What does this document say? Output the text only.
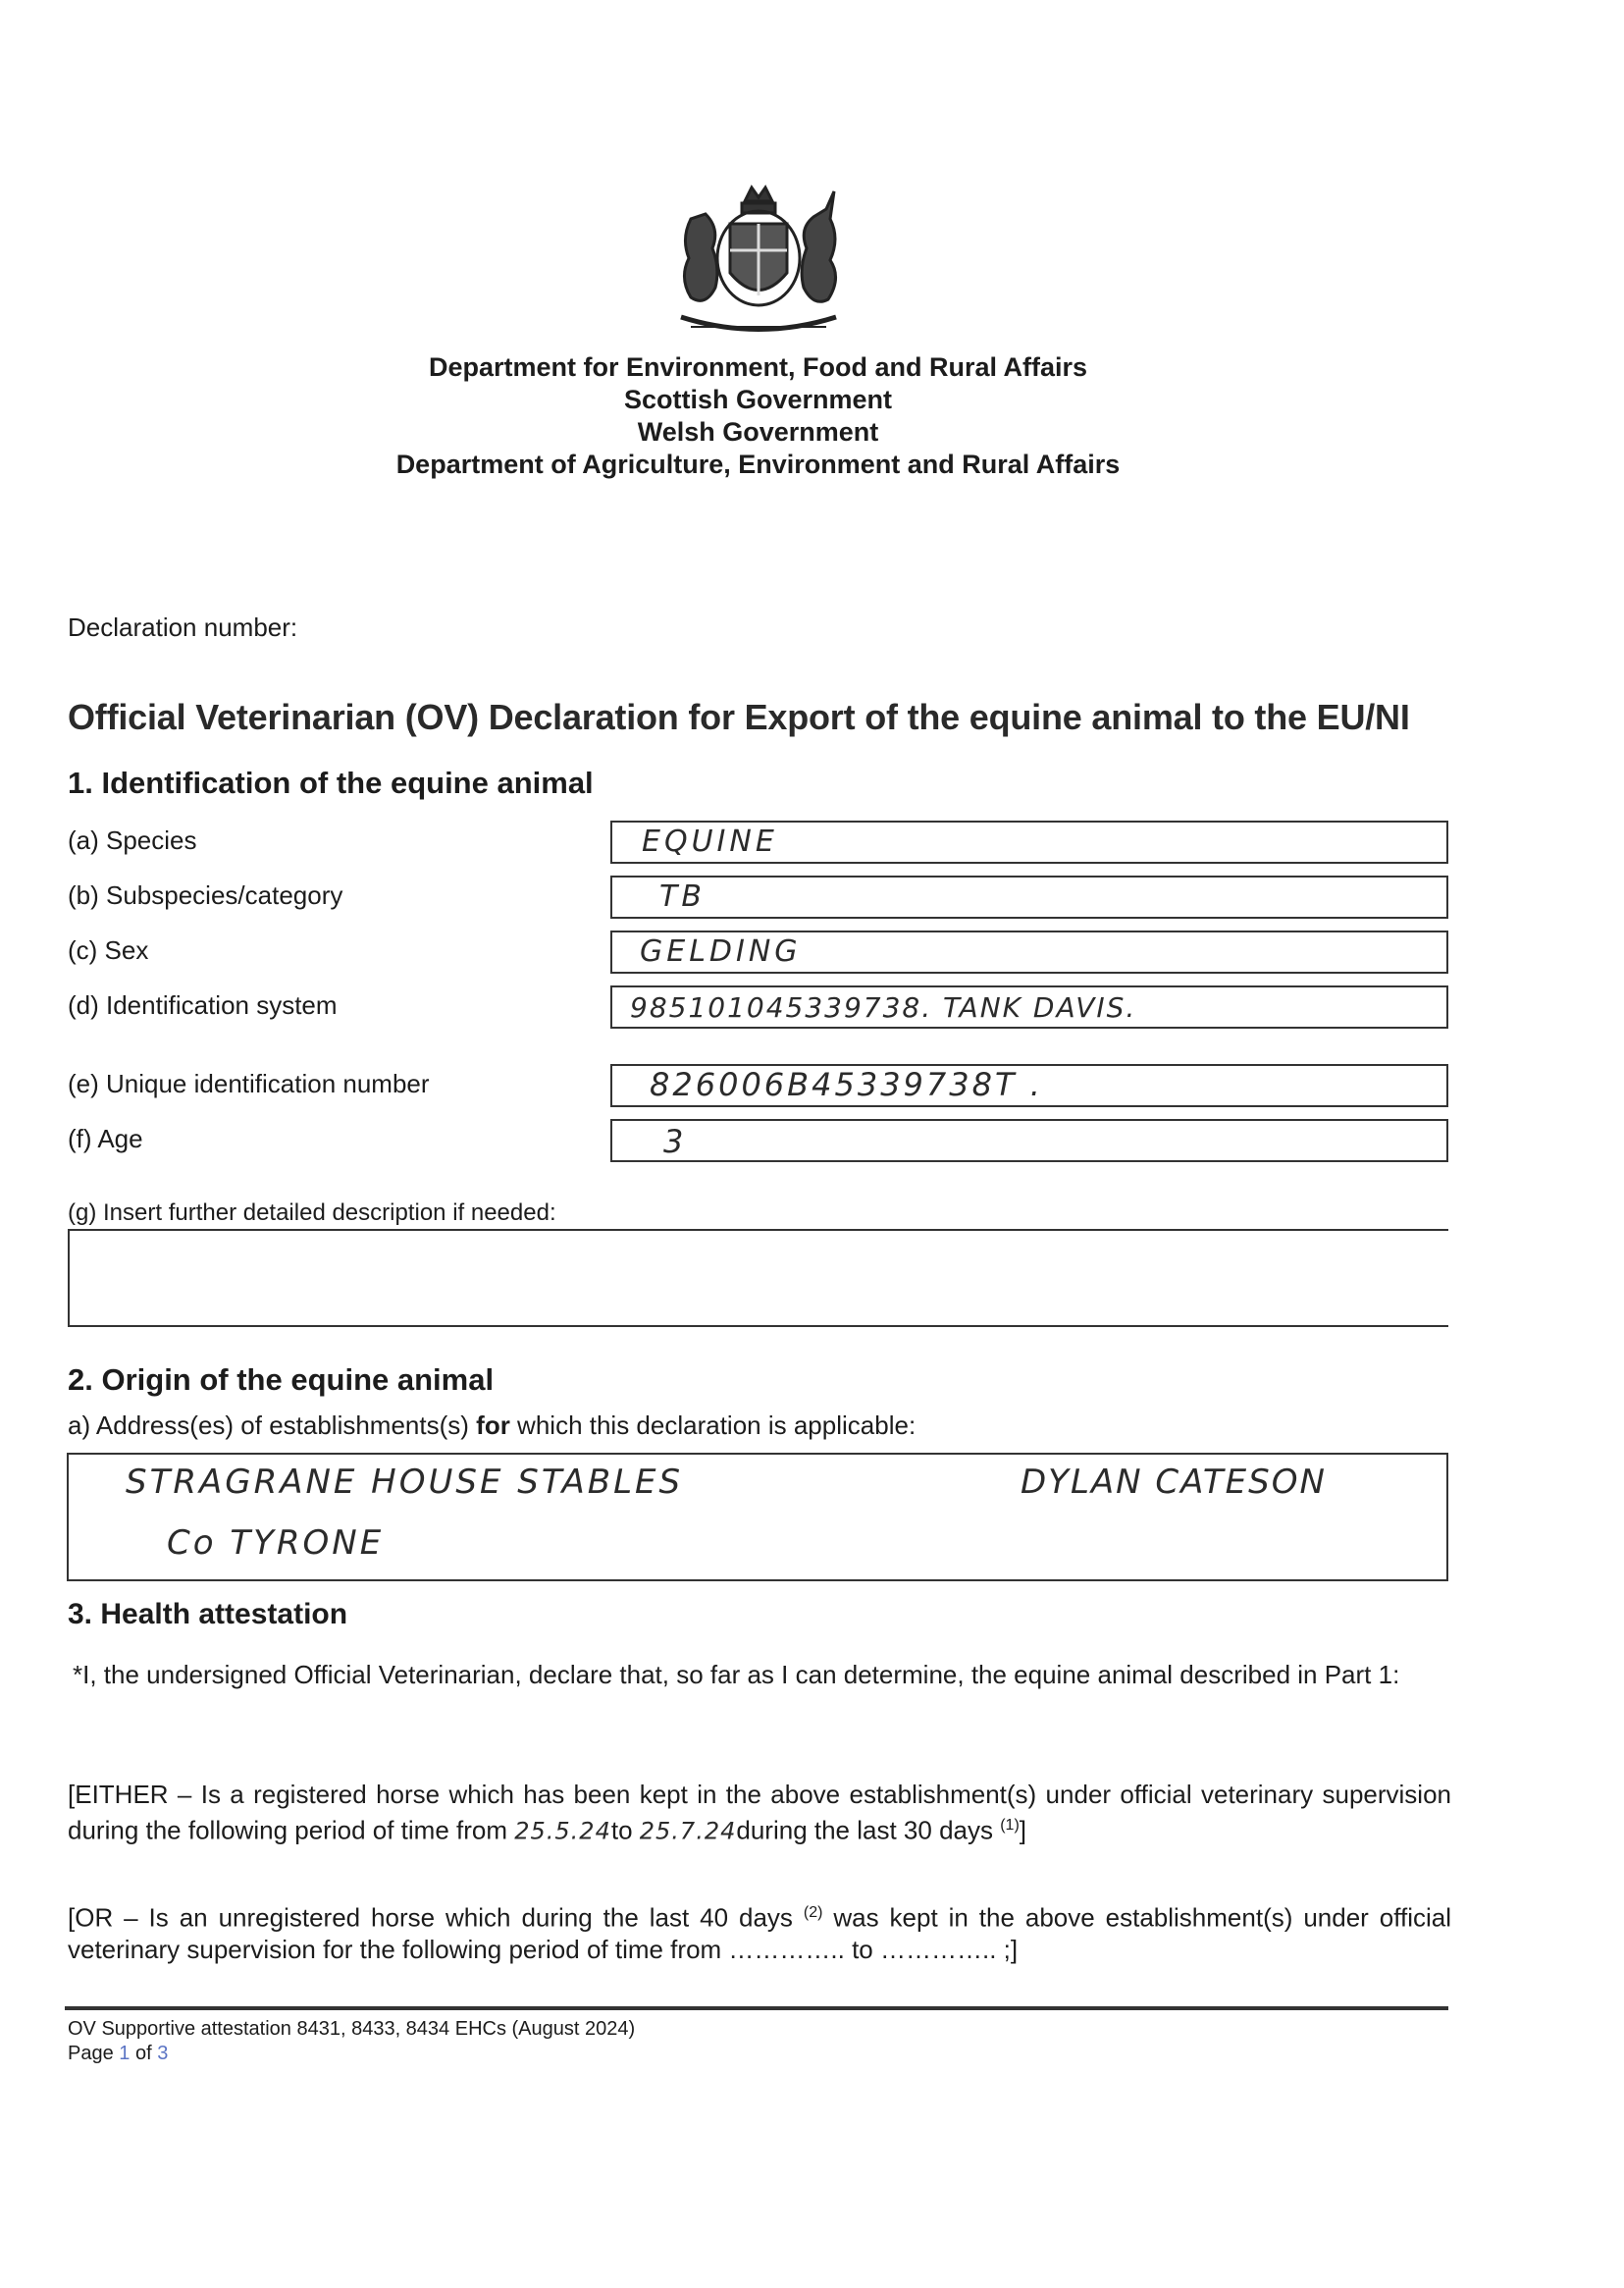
Department for Environment, Food and Rural Affairs
Scottish Government
Welsh Government
Department of Agriculture, Environment and Rural Affairs
Declaration number:
Official Veterinarian (OV) Declaration for Export of the equine animal to the EU/NI
1. Identification of the equine animal
(a) Species	EQUINE
(b) Subspecies/category	TB
(c) Sex	GELDING
(d) Identification system	985101045339738. TANK DAVIS.
(e) Unique identification number	826006B45339738T .
(f) Age	3
(g) Insert further detailed description if needed:
2. Origin of the equine animal
a) Address(es) of establishments(s) for which this declaration is applicable:
STRAGRANE HOUSE STABLES	DYLAN CATESON
Co TYRONE
3. Health attestation
*I, the undersigned Official Veterinarian, declare that, so far as I can determine, the equine animal described in Part 1:
[EITHER – Is a registered horse which has been kept in the above establishment(s) under official veterinary supervision during the following period of time from 25.5.24to 25.7.24during the last 30 days $^{(1)}$]
[OR – Is an unregistered horse which during the last 40 days $^{(2)}$ was kept in the above establishment(s) under official veterinary supervision for the following period of time from ………….. to ………….. ;]
OV Supportive attestation 8431, 8433, 8434 EHCs (August 2024)
Page 1 of 3
